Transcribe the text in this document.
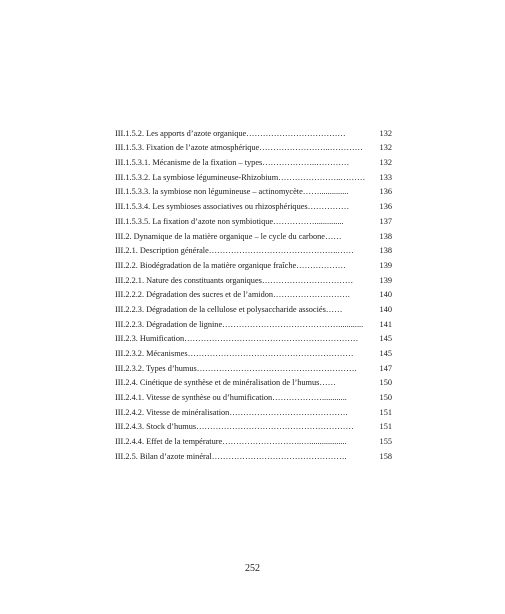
III.1.5.2. Les apports d’azote organique………………………………	132
III.1.5.3. Fixation de l’azote atmosphérique……………………..…………	132
III.1.5.3.1. Mécanisme de la fixation – types………………..…………	132
III.1.5.3.2. La symbiose légumineuse-Rhizobium…………………..………	133
III.1.5.3.3. la symbiose non légumineuse – actinomycète……..............	136
III.1.5.3.4. Les symbioses associatives ou rhizosphériques……………	136
III.1.5.3.5. La fixation d’azote non symbiotique……………..............	137
III.2. Dynamique de la matière organique – le cycle du carbone……	138
III.2.1. Description générale………………………………………..……	138
III.2.2. Biodégradation de la matière organique fraîche………………	139
III.2.2.1. Nature des constituants organiques……………………………	139
III.2.2.2. Dégradation des sucres et de l’amidon……………………….	140
III.2.2.3. Dégradation de la cellulose et polysaccharide associés……	140
III.2.2.3. Dégradation de lignine……………………………………............	141
III.2.3. Humification………………………………………………………	145
III.2.3.2. Mécanismes……………………………………………………	145
III.2.3.2. Types d’humus………………………………………………….	147
III.2.4. Cinétique de synthèse et de minéralisation de l’humus……	150
III.2.4.1. Vitesse de synthèse ou d’humification………………............	150
III.2.4.2. Vitesse de minéralisation…………………………………….	151
III.2.4.3. Stock d’humus…………………………………………………	151
III.2.4.4. Effet de la température………………………..…..................	155
III.2.5. Bilan d’azote minéral………………………………………….	158
252
